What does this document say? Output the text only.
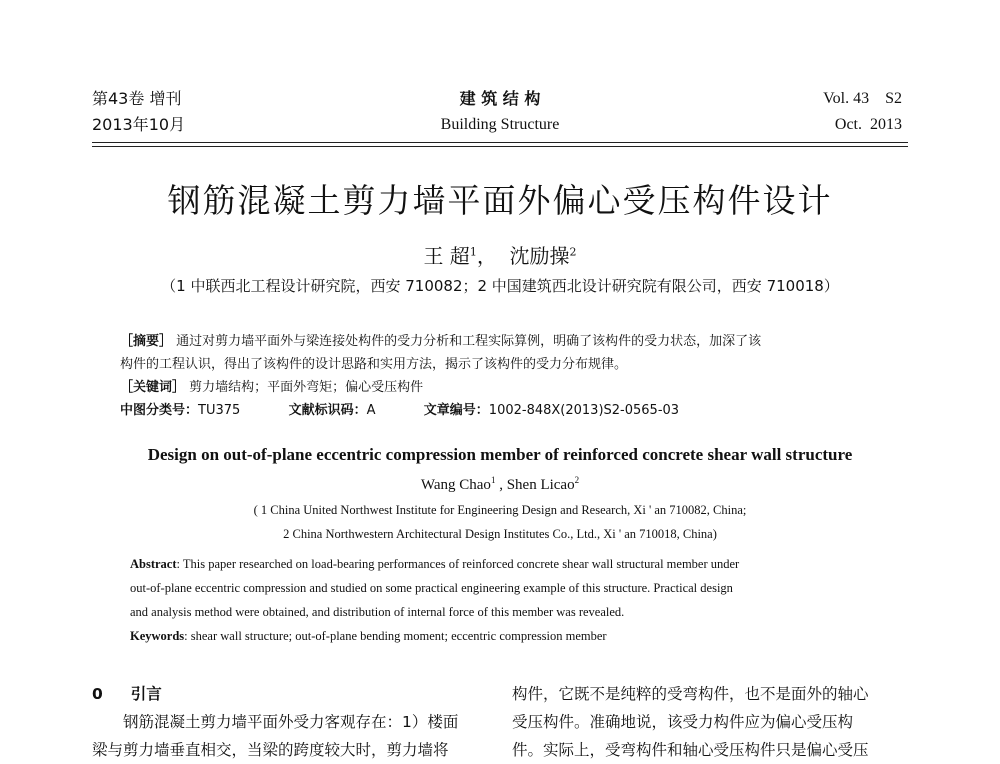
第43卷 增刊
2013年10月
建 筑 结 构
Building Structure
Vol. 43    S2
Oct.  2013
钢筋混凝土剪力墙平面外偏心受压构件设计
王 超$^1$，  沈励操$^2$
（1 中联西北工程设计研究院，西安 710082；2 中国建筑西北设计研究院有限公司，西安 710018）
［摘要］ 通过对剪力墙平面外与梁连接处构件的受力分析和工程实际算例，明确了该构件的受力状态，加深了该
构件的工程认识，得出了该构件的设计思路和实用方法，揭示了该构件的受力分布规律。
［关键词］ 剪力墙结构；平面外弯矩；偏心受压构件
中图分类号：TU375	文献标识码：A	文章编号：1002-848X(2013)S2-0565-03
Design on out-of-plane eccentric compression member of reinforced concrete shear wall structure
Wang Chao$^1$ , Shen Licao$^2$
( 1 China United Northwest Institute for Engineering Design and Research, Xi ' an 710082, China;
2 China Northwestern Architectural Design Institutes Co., Ltd., Xi ' an 710018, China)
Abstract: This paper researched on load-bearing performances of reinforced concrete shear wall structural member under
out-of-plane eccentric compression and studied on some practical engineering example of this structure. Practical design
and analysis method were obtained, and distribution of internal force of this member was revealed.
Keywords: shear wall structure; out-of-plane bending moment; eccentric compression member
0 引言
钢筋混凝土剪力墙平面外受力客观存在：1）楼面
梁与剪力墙垂直相交，当梁的跨度较大时，剪力墙将
构件，它既不是纯粹的受弯构件，也不是面外的轴心
受压构件。准确地说，该受力构件应为偏心受压构
件。实际上，受弯构件和轴心受压构件只是偏心受压
